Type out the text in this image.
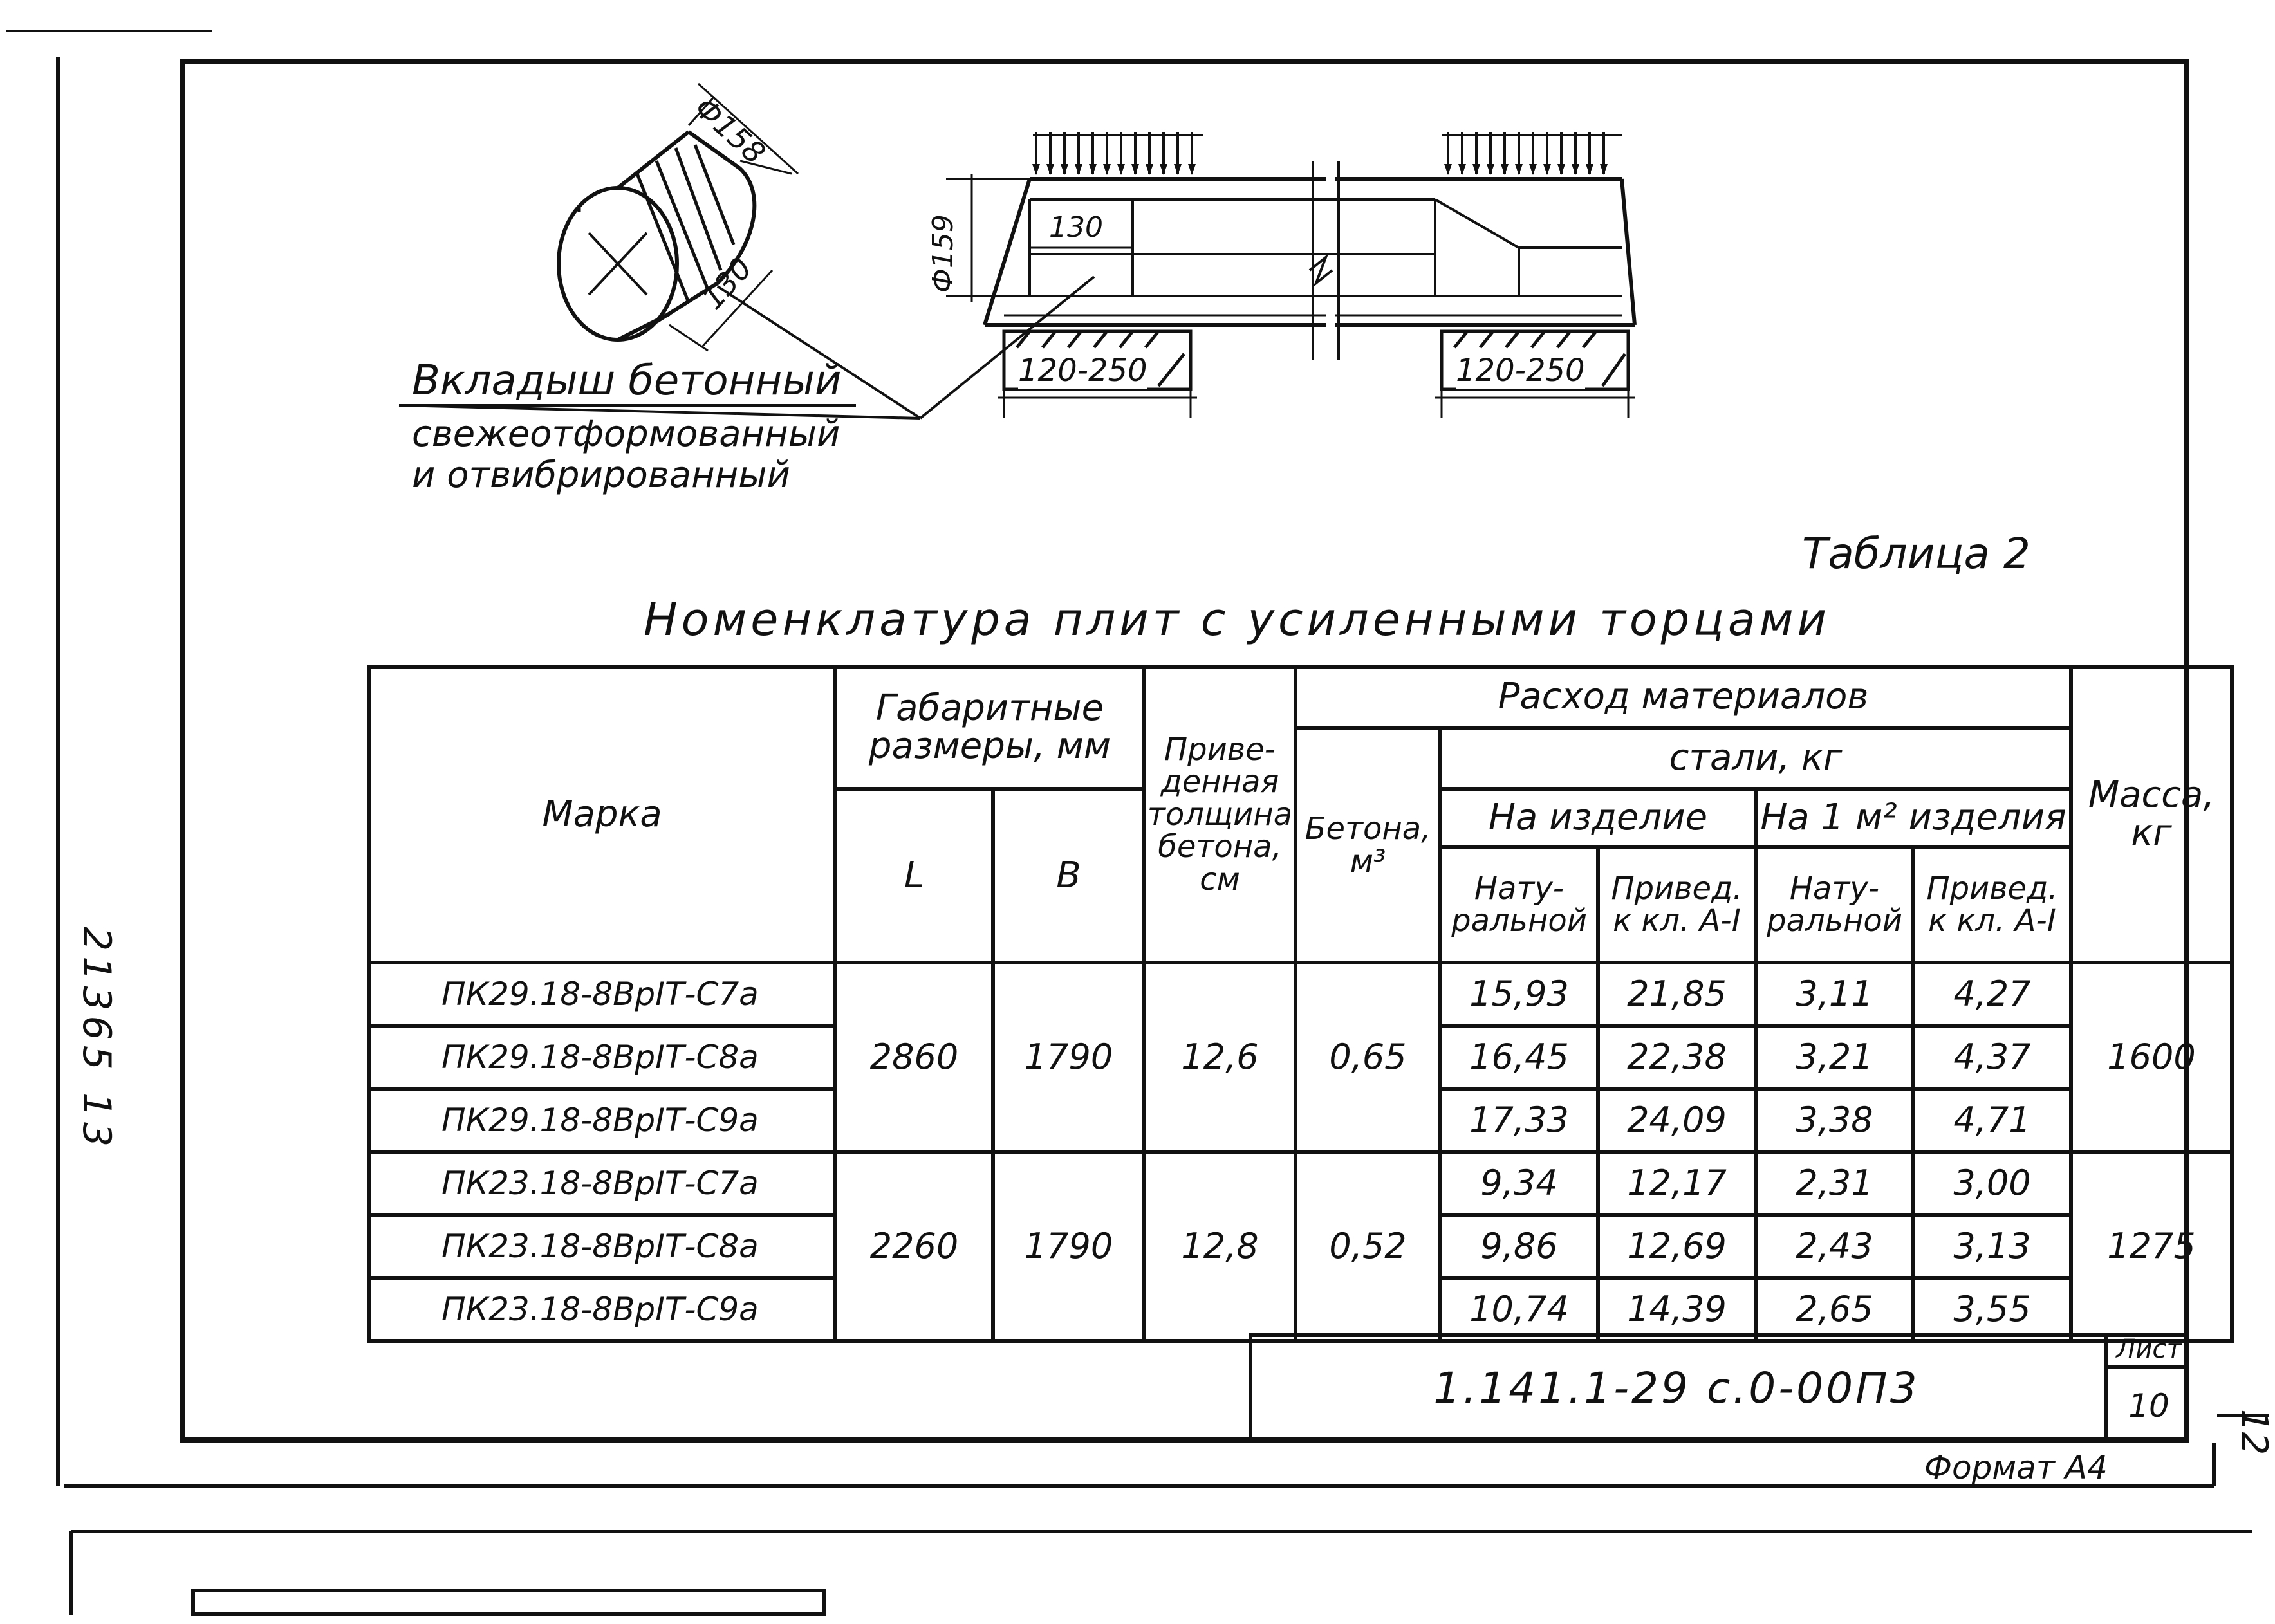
Вкладыш бетонный
свежеотформованный
и отвибрированный
Ф158
130	Ф159	130
120-250	120-250
Таблица 2
Номенклатура плит с усиленными торцами
Марка	Габаритные размеры, мм		Приве-денная толщина бетона, см	Расход материалов					Масса, кг
				Бетона, м³	стали, кг				
	L	B			На изделие		На 1 м² изделия		
					Нату-ральной	Привед. к кл. А-I	Нату-ральной	Привед. к кл. А-I	
ПК29.18-8ВрIТ-С7а	2860	1790	12,6	0,65	15,93	21,85	3,11	4,27	1600
ПК29.18-8ВрIТ-С8а					16,45	22,38	3,21	4,37	
ПК29.18-8ВрIТ-С9а					17,33	24,09	3,38	4,71	
ПК23.18-8ВрIТ-С7а	2260	1790	12,8	0,52	9,34	12,17	2,31	3,00	1275
ПК23.18-8ВрIТ-С8а					9,86	12,69	2,43	3,13	
ПК23.18-8ВрIТ-С9а					10,74	14,39	2,65	3,55	
1.141.1-29 с.0-00П3
Лист
10
Формат А4
21365 13
12
